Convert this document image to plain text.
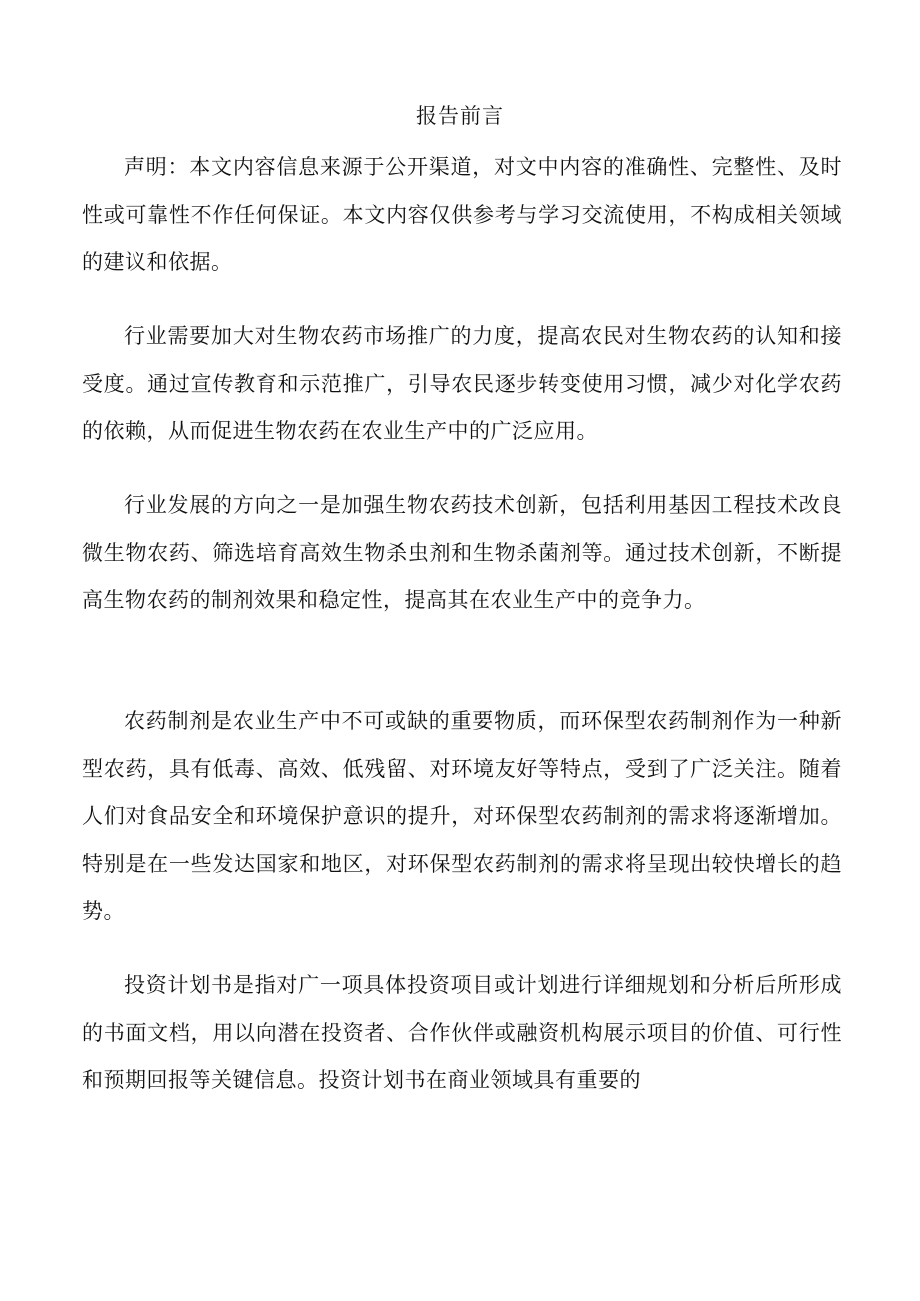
报告前言

声明：本文内容信息来源于公开渠道，对文中内容的准确性、完整性、及时性或可靠性不作任何保证。本文内容仅供参考与学习交流使用，不构成相关领域的建议和依据。

行业需要加大对生物农药市场推广的力度，提高农民对生物农药的认知和接受度。通过宣传教育和示范推广，引导农民逐步转变使用习惯，减少对化学农药的依赖，从而促进生物农药在农业生产中的广泛应用。

行业发展的方向之一是加强生物农药技术创新，包括利用基因工程技术改良微生物农药、筛选培育高效生物杀虫剂和生物杀菌剂等。通过技术创新，不断提高生物农药的制剂效果和稳定性，提高其在农业生产中的竞争力。

农药制剂是农业生产中不可或缺的重要物质，而环保型农药制剂作为一种新型农药，具有低毒、高效、低残留、对环境友好等特点，受到了广泛关注。随着人们对食品安全和环境保护意识的提升，对环保型农药制剂的需求将逐渐增加。特别是在一些发达国家和地区，对环保型农药制剂的需求将呈现出较快增长的趋势。

投资计划书是指对广一项具体投资项目或计划进行详细规划和分析后所形成的书面文档，用以向潜在投资者、合作伙伴或融资机构展示项目的价值、可行性和预期回报等关键信息。投资计划书在商业领域具有重要的
